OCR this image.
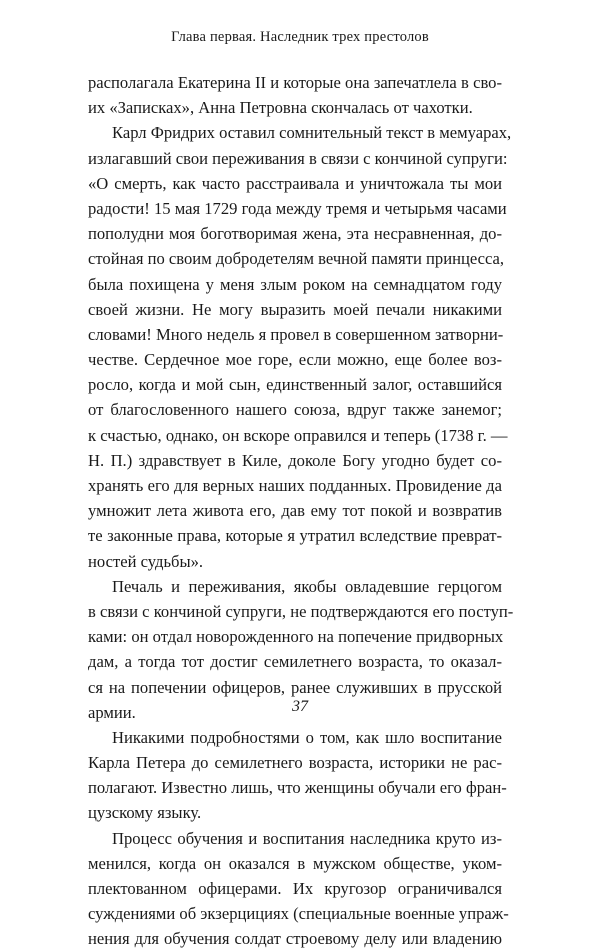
Глава первая. Наследник трех престолов
располагала Екатерина II и которые она запечатлела в сво-
их «Записках», Анна Петровна скончалась от чахотки.
Карл Фридрих оставил сомнительный текст в мемуарах,
излагавший свои переживания в связи с кончиной супруги:
«О смерть, как часто расстраивала и уничтожала ты мои
радости! 15 мая 1729 года между тремя и четырьмя часами
пополудни моя боготворимая жена, эта несравненная, до-
стойная по своим добродетелям вечной памяти принцесса,
была похищена у меня злым роком на семнадцатом году
своей жизни. Не могу выразить моей печали никакими
словами! Много недель я провел в совершенном затворни-
честве. Сердечное мое горе, если можно, еще более воз-
росло, когда и мой сын, единственный залог, оставшийся
от благословенного нашего союза, вдруг также занемог;
к счастью, однако, он вскоре оправился и теперь (1738 г. —
Н. П.) здравствует в Киле, доколе Богу угодно будет со-
хранять его для верных наших подданных. Провидение да
умножит лета живота его, дав ему тот покой и возвратив
те законные права, которые я утратил вследствие преврат-
ностей судьбы».
Печаль и переживания, якобы овладевшие герцогом
в связи с кончиной супруги, не подтверждаются его поступ-
ками: он отдал новорожденного на попечение придворных
дам, а тогда тот достиг семилетнего возраста, то оказал-
ся на попечении офицеров, ранее служивших в прусской
армии.
Никакими подробностями о том, как шло воспитание
Карла Петера до семилетнего возраста, историки не рас-
полагают. Известно лишь, что женщины обучали его фран-
цузскому языку.
Процесс обучения и воспитания наследника круто из-
менился, когда он оказался в мужском обществе, уком-
плектованном офицерами. Их кругозор ограничивался
суждениями об экзерцициях (специальные военные упраж-
нения для обучения солдат строевому делу или владению
37
